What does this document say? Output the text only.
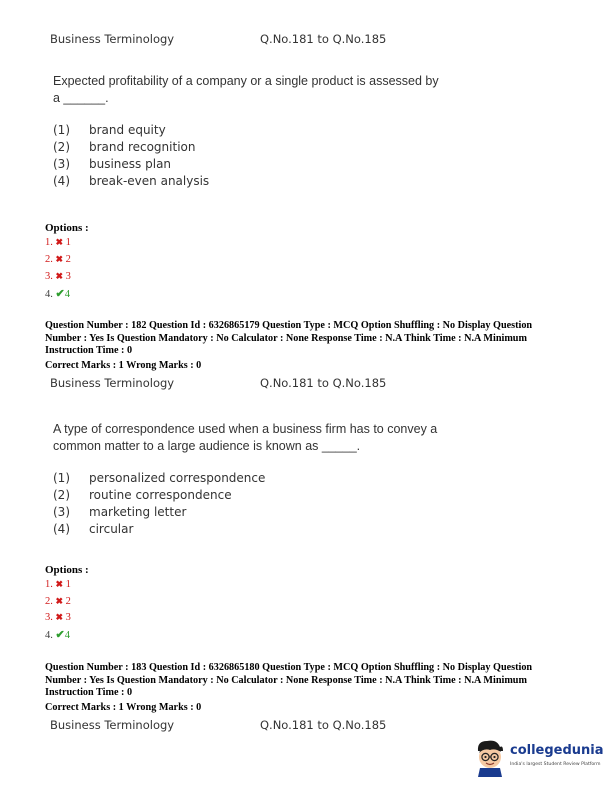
Business Terminology	Q.No.181 to Q.No.185
Expected profitability of a company or a single product is assessed by
a ______.
(1) brand equity
(2) brand recognition
(3) business plan
(4) break-even analysis
Options :
1. ✖ 1
2. ✖ 2
3. ✖ 3
4. ✔4
Question Number : 182 Question Id : 6326865179 Question Type : MCQ Option Shuffling : No Display Question Number : Yes Is Question Mandatory : No Calculator : None Response Time : N.A Think Time : N.A Minimum Instruction Time : 0
Correct Marks : 1 Wrong Marks : 0
Business Terminology	Q.No.181 to Q.No.185
A type of correspondence used when a business firm has to convey a
common matter to a large audience is known as _____.
(1) personalized correspondence
(2) routine correspondence
(3) marketing letter
(4) circular
Options :
1. ✖ 1
2. ✖ 2
3. ✖ 3
4. ✔4
Question Number : 183 Question Id : 6326865180 Question Type : MCQ Option Shuffling : No Display Question Number : Yes Is Question Mandatory : No Calculator : None Response Time : N.A Think Time : N.A Minimum Instruction Time : 0
Correct Marks : 1 Wrong Marks : 0
Business Terminology	Q.No.181 to Q.No.185
collegedunia
India's largest Student Review Platform
